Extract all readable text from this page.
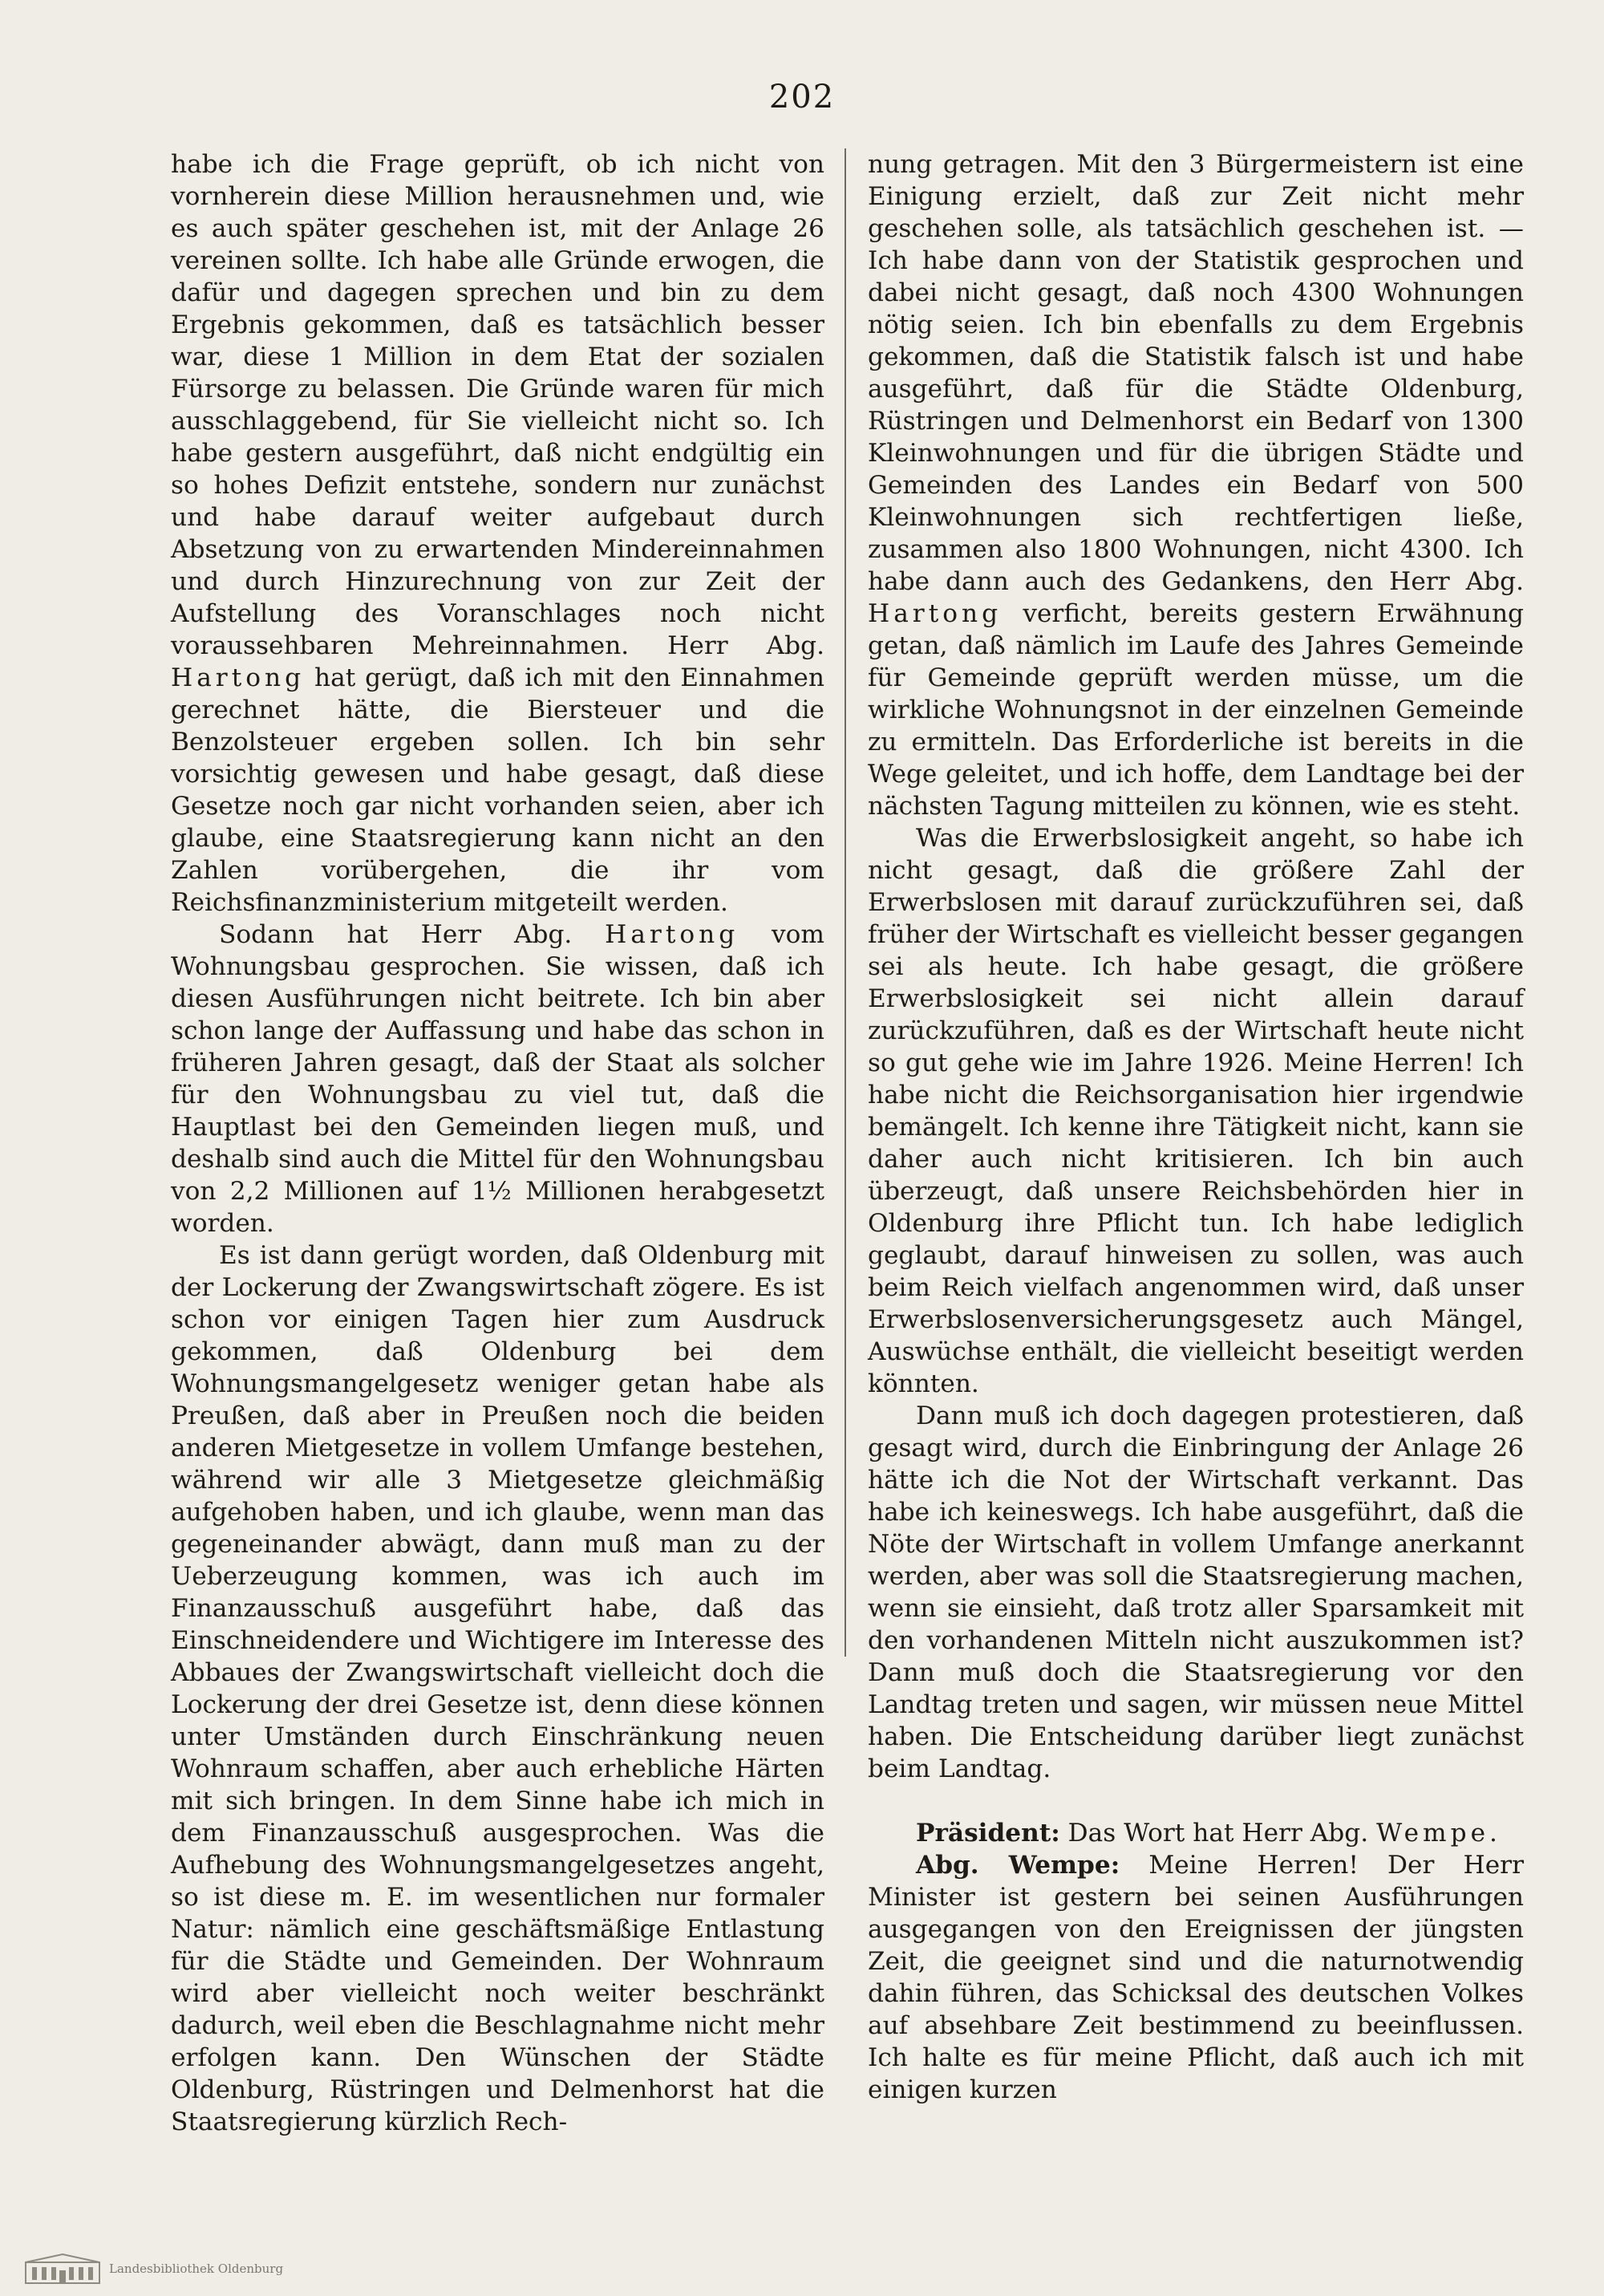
202

habe ich die Frage geprüft, ob ich nicht von vornherein diese Million herausnehmen und, wie es auch später geschehen ist, mit der Anlage 26 vereinen sollte. Ich habe alle Gründe erwogen, die dafür und dagegen sprechen und bin zu dem Ergebnis gekommen, daß es tatsächlich besser war, diese 1 Million in dem Etat der sozialen Fürsorge zu belassen. Die Gründe waren für mich ausschlaggebend, für Sie vielleicht nicht so. Ich habe gestern ausgeführt, daß nicht endgültig ein so hohes Defizit entstehe, sondern nur zunächst und habe darauf weiter aufgebaut durch Absetzung von zu erwartenden Mindereinnahmen und durch Hinzurechnung von zur Zeit der Aufstellung des Voranschlages noch nicht voraussehbaren Mehreinnahmen. Herr Abg. Hartong hat gerügt, daß ich mit den Einnahmen gerechnet hätte, die Biersteuer und die Benzolsteuer ergeben sollen. Ich bin sehr vorsichtig gewesen und habe gesagt, daß diese Gesetze noch gar nicht vorhanden seien, aber ich glaube, eine Staatsregierung kann nicht an den Zahlen vorübergehen, die ihr vom Reichsfinanzministerium mitgeteilt werden.

Sodann hat Herr Abg. Hartong vom Wohnungsbau gesprochen. Sie wissen, daß ich diesen Ausführungen nicht beitrete. Ich bin aber schon lange der Auffassung und habe das schon in früheren Jahren gesagt, daß der Staat als solcher für den Wohnungsbau zu viel tut, daß die Hauptlast bei den Gemeinden liegen muß, und deshalb sind auch die Mittel für den Wohnungsbau von 2,2 Millionen auf 1½ Millionen herabgesetzt worden.

Es ist dann gerügt worden, daß Oldenburg mit der Lockerung der Zwangswirtschaft zögere. Es ist schon vor einigen Tagen hier zum Ausdruck gekommen, daß Oldenburg bei dem Wohnungsmangelgesetz weniger getan habe als Preußen, daß aber in Preußen noch die beiden anderen Mietgesetze in vollem Umfange bestehen, während wir alle 3 Mietgesetze gleichmäßig aufgehoben haben, und ich glaube, wenn man das gegeneinander abwägt, dann muß man zu der Ueberzeugung kommen, was ich auch im Finanzausschuß ausgeführt habe, daß das Einschneidendere und Wichtigere im Interesse des Abbaues der Zwangswirtschaft vielleicht doch die Lockerung der drei Gesetze ist, denn diese können unter Umständen durch Einschränkung neuen Wohnraum schaffen, aber auch erhebliche Härten mit sich bringen. In dem Sinne habe ich mich in dem Finanzausschuß ausgesprochen. Was die Aufhebung des Wohnungsmangelgesetzes angeht, so ist diese m. E. im wesentlichen nur formaler Natur: nämlich eine geschäftsmäßige Entlastung für die Städte und Gemeinden. Der Wohnraum wird aber vielleicht noch weiter beschränkt dadurch, weil eben die Beschlagnahme nicht mehr erfolgen kann. Den Wünschen der Städte Oldenburg, Rüstringen und Delmenhorst hat die Staatsregierung kürzlich Rech-

nung getragen. Mit den 3 Bürgermeistern ist eine Einigung erzielt, daß zur Zeit nicht mehr geschehen solle, als tatsächlich geschehen ist. — Ich habe dann von der Statistik gesprochen und dabei nicht gesagt, daß noch 4300 Wohnungen nötig seien. Ich bin ebenfalls zu dem Ergebnis gekommen, daß die Statistik falsch ist und habe ausgeführt, daß für die Städte Oldenburg, Rüstringen und Delmenhorst ein Bedarf von 1300 Kleinwohnungen und für die übrigen Städte und Gemeinden des Landes ein Bedarf von 500 Kleinwohnungen sich rechtfertigen ließe, zusammen also 1800 Wohnungen, nicht 4300. Ich habe dann auch des Gedankens, den Herr Abg. Hartong verficht, bereits gestern Erwähnung getan, daß nämlich im Laufe des Jahres Gemeinde für Gemeinde geprüft werden müsse, um die wirkliche Wohnungsnot in der einzelnen Gemeinde zu ermitteln. Das Erforderliche ist bereits in die Wege geleitet, und ich hoffe, dem Landtage bei der nächsten Tagung mitteilen zu können, wie es steht.

Was die Erwerbslosigkeit angeht, so habe ich nicht gesagt, daß die größere Zahl der Erwerbslosen mit darauf zurückzuführen sei, daß früher der Wirtschaft es vielleicht besser gegangen sei als heute. Ich habe gesagt, die größere Erwerbslosigkeit sei nicht allein darauf zurückzuführen, daß es der Wirtschaft heute nicht so gut gehe wie im Jahre 1926. Meine Herren! Ich habe nicht die Reichsorganisation hier irgendwie bemängelt. Ich kenne ihre Tätigkeit nicht, kann sie daher auch nicht kritisieren. Ich bin auch überzeugt, daß unsere Reichsbehörden hier in Oldenburg ihre Pflicht tun. Ich habe lediglich geglaubt, darauf hinweisen zu sollen, was auch beim Reich vielfach angenommen wird, daß unser Erwerbslosenversicherungsgesetz auch Mängel, Auswüchse enthält, die vielleicht beseitigt werden könnten.

Dann muß ich doch dagegen protestieren, daß gesagt wird, durch die Einbringung der Anlage 26 hätte ich die Not der Wirtschaft verkannt. Das habe ich keineswegs. Ich habe ausgeführt, daß die Nöte der Wirtschaft in vollem Umfange anerkannt werden, aber was soll die Staatsregierung machen, wenn sie einsieht, daß trotz aller Sparsamkeit mit den vorhandenen Mitteln nicht auszukommen ist? Dann muß doch die Staatsregierung vor den Landtag treten und sagen, wir müssen neue Mittel haben. Die Entscheidung darüber liegt zunächst beim Landtag.

Präsident: Das Wort hat Herr Abg. Wempe.

Abg. Wempe: Meine Herren! Der Herr Minister ist gestern bei seinen Ausführungen ausgegangen von den Ereignissen der jüngsten Zeit, die geeignet sind und die naturnotwendig dahin führen, das Schicksal des deutschen Volkes auf absehbare Zeit bestimmend zu beeinflussen. Ich halte es für meine Pflicht, daß auch ich mit einigen kurzen

Landesbibliothek Oldenburg
